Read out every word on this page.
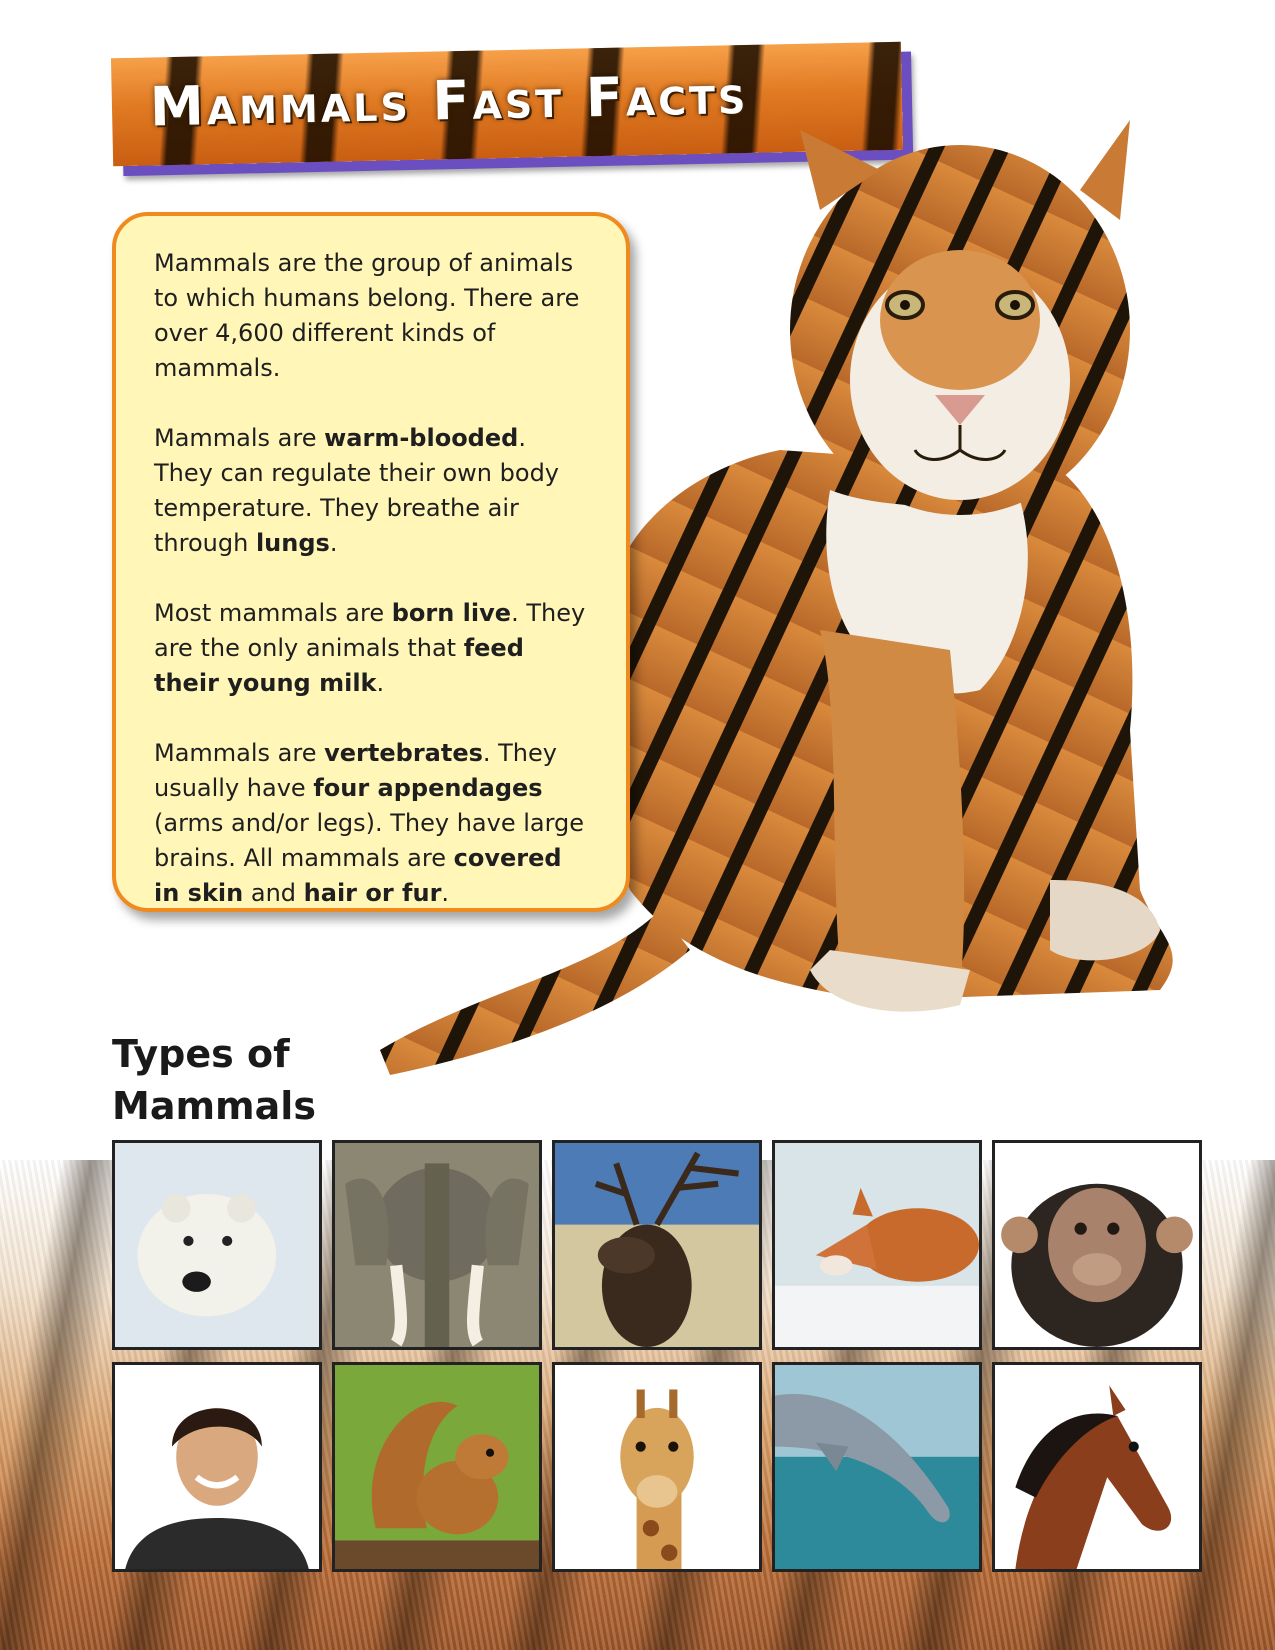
Mammals Fast Facts

Mammals are the group of animals to which humans belong. There are over 4,600 different kinds of mammals.

Mammals are warm-blooded. They can regulate their own body temperature. They breathe air through lungs.

Most mammals are born live. They are the only animals that feed their young milk.

Mammals are vertebrates. They usually have four appendages (arms and/or legs). They have large brains. All mammals are covered in skin and hair or fur.

Types of
Mammals
